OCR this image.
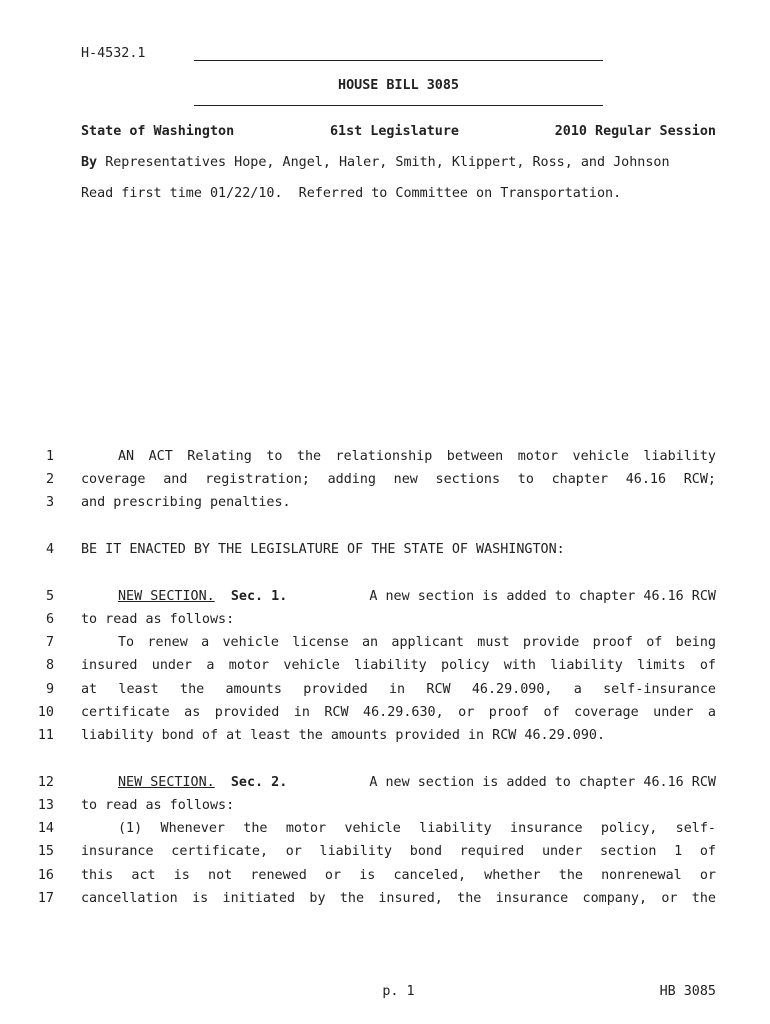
H-4532.1
HOUSE BILL 3085
State of Washington	61st Legislature	2010 Regular Session
By Representatives Hope, Angel, Haler, Smith, Klippert, Ross, and Johnson
Read first time 01/22/10.  Referred to Committee on Transportation.
1	AN ACT Relating to the relationship between motor vehicle liability
2 coverage and registration; adding new sections to chapter 46.16 RCW;
3 and prescribing penalties.
4 BE IT ENACTED BY THE LEGISLATURE OF THE STATE OF WASHINGTON:
5	NEW SECTION. Sec. 1.	A new section is added to chapter 46.16 RCW
6 to read as follows:
7	To renew a vehicle license an applicant must provide proof of being
8 insured under a motor vehicle liability policy with liability limits of
9 at least the amounts provided in RCW 46.29.090, a self-insurance
10 certificate as provided in RCW 46.29.630, or proof of coverage under a
11 liability bond of at least the amounts provided in RCW 46.29.090.
12	NEW SECTION. Sec. 2.	A new section is added to chapter 46.16 RCW
13 to read as follows:
14	(1) Whenever the motor vehicle liability insurance policy, self-
15 insurance certificate, or liability bond required under section 1 of
16 this act is not renewed or is canceled, whether the nonrenewal or
17 cancellation is initiated by the insured, the insurance company, or the
p. 1	HB 3085
